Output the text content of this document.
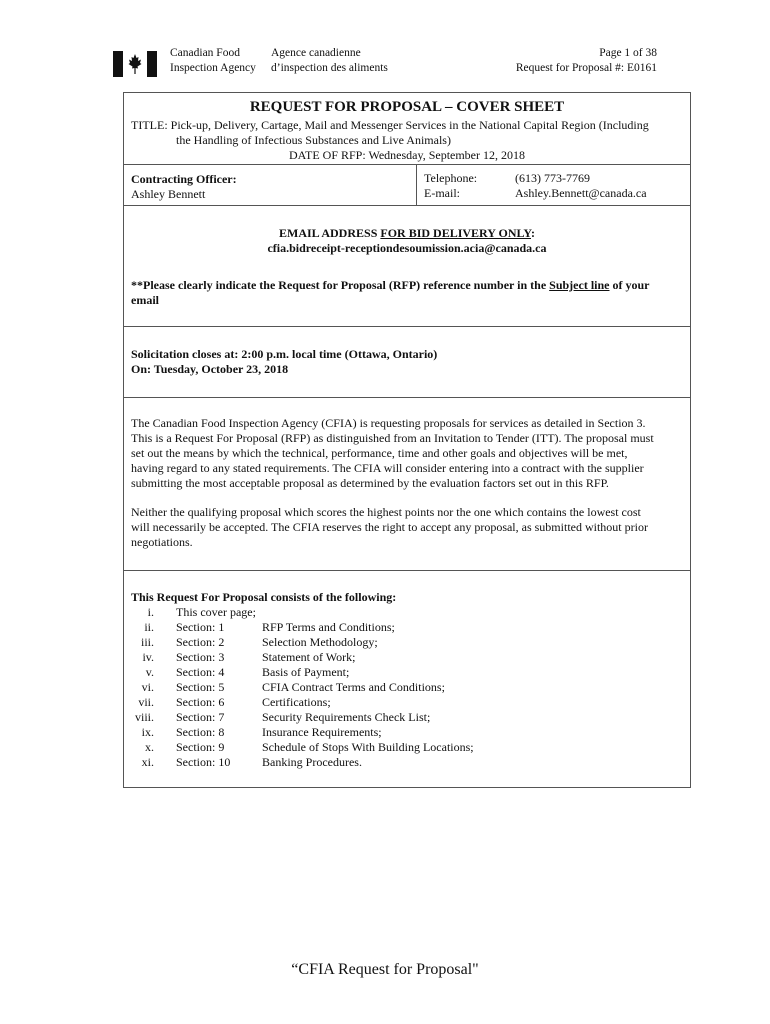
Canadian Food
Inspection Agency
Agence canadienne
d’inspection des aliments
Page 1 of 38
Request for Proposal #: E0161
REQUEST FOR PROPOSAL – COVER SHEET
TITLE: Pick-up, Delivery, Cartage, Mail and Messenger Services in the National Capital Region (Including
the Handling of Infectious Substances and Live Animals)
DATE OF RFP: Wednesday, September 12, 2018
Contracting Officer:
Ashley Bennett
Telephone:	(613) 773-7769
E-mail:	Ashley.Bennett@canada.ca
EMAIL ADDRESS FOR BID DELIVERY ONLY:
cfia.bidreceipt-receptiondesoumission.acia@canada.ca
**Please clearly indicate the Request for Proposal (RFP) reference number in the Subject line of your
email
Solicitation closes at: 2:00 p.m. local time (Ottawa, Ontario)
On: Tuesday, October 23, 2018
The Canadian Food Inspection Agency (CFIA) is requesting proposals for services as detailed in Section 3.
This is a Request For Proposal (RFP) as distinguished from an Invitation to Tender (ITT). The proposal must
set out the means by which the technical, performance, time and other goals and objectives will be met,
having regard to any stated requirements. The CFIA will consider entering into a contract with the supplier
submitting the most acceptable proposal as determined by the evaluation factors set out in this RFP.
Neither the qualifying proposal which scores the highest points nor the one which contains the lowest cost
will necessarily be accepted. The CFIA reserves the right to accept any proposal, as submitted without prior
negotiations.
This Request For Proposal consists of the following:
i. This cover page;
ii. Section: 1	RFP Terms and Conditions;
iii. Section: 2	Selection Methodology;
iv. Section: 3	Statement of Work;
v. Section: 4	Basis of Payment;
vi. Section: 5	CFIA Contract Terms and Conditions;
vii. Section: 6	Certifications;
viii. Section: 7	Security Requirements Check List;
ix. Section: 8	Insurance Requirements;
x. Section: 9	Schedule of Stops With Building Locations;
xi. Section: 10	Banking Procedures.
“CFIA Request for Proposal"
